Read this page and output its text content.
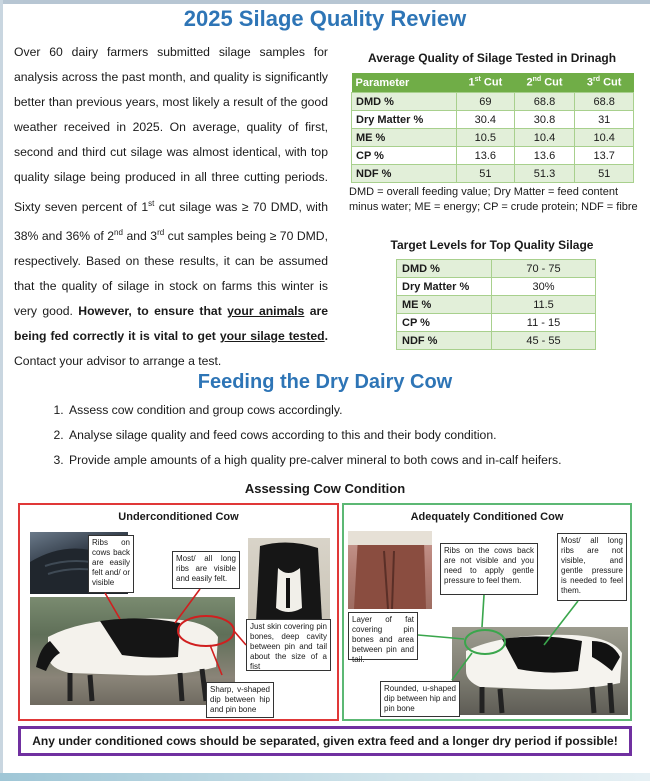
2025 Silage Quality Review

Over 60 dairy farmers submitted silage samples for analysis across the past month, and quality is significantly better than previous years, most likely a result of the good weather received in 2025. On average, quality of first, second and third cut silage was almost identical, with top quality silage being produced in all three cutting periods. Sixty seven percent of 1st cut silage was ≥ 70 DMD, with 38% and 36% of 2nd and 3rd cut samples being ≥ 70 DMD, respectively. Based on these results, it can be assumed that the quality of silage in stock on farms this winter is very good. However, to ensure that your animals are being fed correctly it is vital to get your silage tested. Contact your advisor to arrange a test.

Average Quality of Silage Tested in Drinagh

Parameter	1st Cut	2nd Cut	3rd Cut
DMD %	69	68.8	68.8
Dry Matter %	30.4	30.8	31
ME %	10.5	10.4	10.4
CP %	13.6	13.6	13.7
NDF %	51	51.3	51

DMD = overall feeding value; Dry Matter = feed content minus water; ME = energy; CP = crude protein; NDF = fibre

Target Levels for Top Quality Silage

DMD %	70 - 75
Dry Matter %	30%
ME %	11.5
CP %	11 - 15
NDF %	45 - 55
Feeding the Dry Dairy Cow
1. Assess cow condition and group cows accordingly.
2. Analyse silage quality and feed cows according to this and their body condition.
3. Provide ample amounts of a high quality pre-calver mineral to both cows and in-calf heifers.

Assessing Cow Condition

Underconditioned Cow
Ribs on cows back are easily felt and/ or visible
Most/ all long ribs are visible and easily felt.
Just skin covering pin bones, deep cavity between pin and tail about the size of a fist
Sharp, v-shaped dip between hip and pin bone
Adequately Conditioned Cow
Layer of fat covering pin bones and area between pin and tail.
Ribs on the cows back are not visible and you need to apply gentle pressure to feel them.
Most/ all long ribs are not visible, and gentle pressure is needed to feel them.
Rounded, u-shaped dip between hip and pin bone
Any under conditioned cows should be separated, given extra feed and a longer dry period if possible!
